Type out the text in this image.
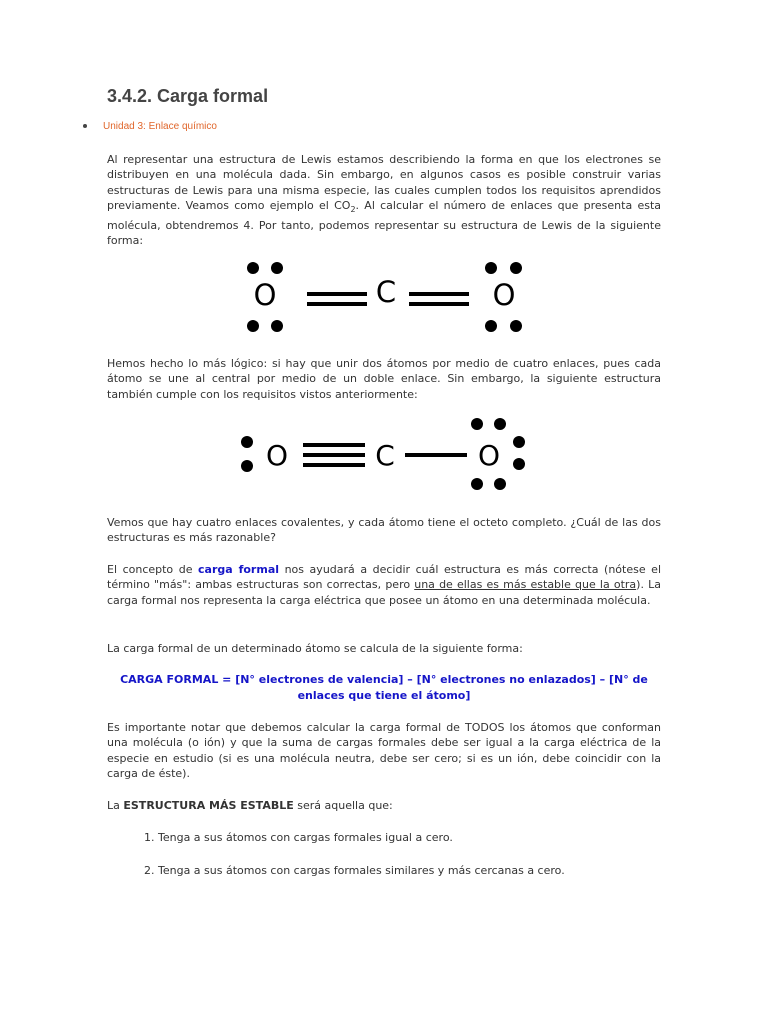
3.4.2. Carga formal
Unidad 3: Enlace químico

Al representar una estructura de Lewis estamos describiendo la forma en que los electrones se distribuyen en una molécula dada. Sin embargo, en algunos casos es posible construir varias estructuras de Lewis para una misma especie, las cuales cumplen todos los requisitos aprendidos previamente. Veamos como ejemplo el $CO_2$. Al calcular el número de enlaces que presenta esta molécula, obtendremos 4. Por tanto, podemos representar su estructura de Lewis de la siguiente forma:

O	C	O

Hemos hecho lo más lógico: si hay que unir dos átomos por medio de cuatro enlaces, pues cada átomo se une al central por medio de un doble enlace. Sin embargo, la siguiente estructura también cumple con los requisitos vistos anteriormente:

O	C	O

Vemos que hay cuatro enlaces covalentes, y cada átomo tiene el octeto completo. ¿Cuál de las dos estructuras es más razonable?

El concepto de carga formal nos ayudará a decidir cuál estructura es más correcta (nótese el término "más": ambas estructuras son correctas, pero una de ellas es más estable que la otra). La carga formal nos representa la carga eléctrica que posee un átomo en una determinada molécula.

La carga formal de un determinado átomo se calcula de la siguiente forma:

CARGA FORMAL = [N° electrones de valencia] – [N° electrones no enlazados] – [N° de
enlaces que tiene el átomo]

Es importante notar que debemos calcular la carga formal de TODOS los átomos que conforman una molécula (o ión) y que la suma de cargas formales debe ser igual a la carga eléctrica de la especie en estudio (si es una molécula neutra, debe ser cero; si es un ión, debe coincidir con la carga de éste).

La ESTRUCTURA MÁS ESTABLE será aquella que:

1. Tenga a sus átomos con cargas formales igual a cero.

2. Tenga a sus átomos con cargas formales similares y más cercanas a cero.
